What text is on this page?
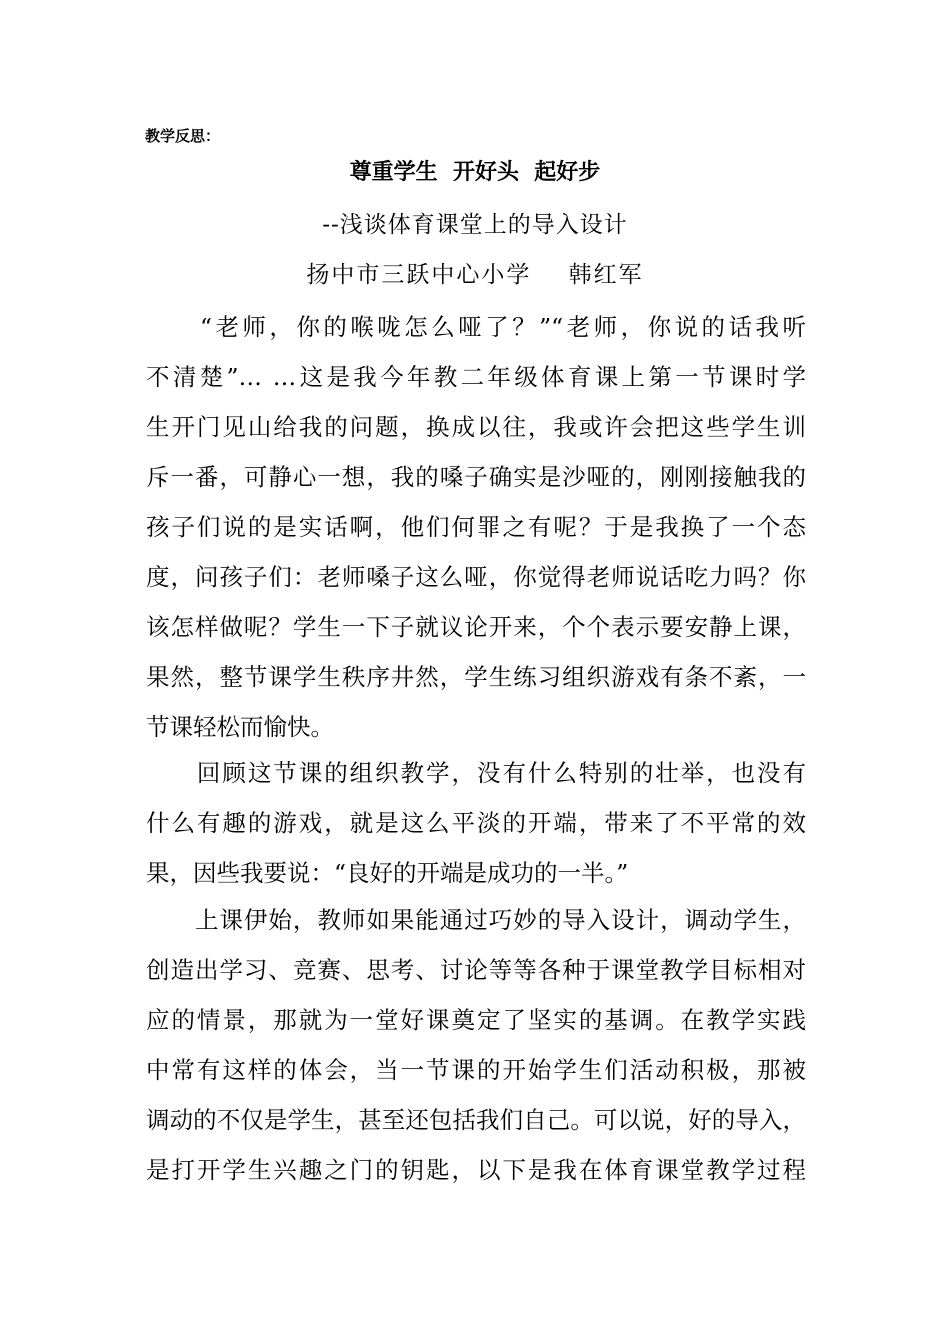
教学反思：
尊重学生  开好头  起好步
--浅谈体育课堂上的导入设计
扬中市三跃中心小学    韩红军
　　“老师，你的喉咙怎么哑了？”“老师，你说的话我听
不清楚”… …这是我今年教二年级体育课上第一节课时学
生开门见山给我的问题，换成以往，我或许会把这些学生训
斥一番，可静心一想，我的嗓子确实是沙哑的，刚刚接触我的
孩子们说的是实话啊，他们何罪之有呢？于是我换了一个态
度，问孩子们：老师嗓子这么哑，你觉得老师说话吃力吗？你
该怎样做呢？学生一下子就议论开来，个个表示要安静上课，
果然，整节课学生秩序井然，学生练习组织游戏有条不紊，一
节课轻松而愉快。
　　回顾这节课的组织教学，没有什么特别的壮举，也没有
什么有趣的游戏，就是这么平淡的开端，带来了不平常的效
果，因些我要说：“良好的开端是成功的一半。”
　　上课伊始，教师如果能通过巧妙的导入设计，调动学生，
创造出学习、竞赛、思考、讨论等等各种于课堂教学目标相对
应的情景，那就为一堂好课奠定了坚实的基调。在教学实践
中常有这样的体会，当一节课的开始学生们活动积极，那被
调动的不仅是学生，甚至还包括我们自己。可以说，好的导入，
是打开学生兴趣之门的钥匙，以下是我在体育课堂教学过程
